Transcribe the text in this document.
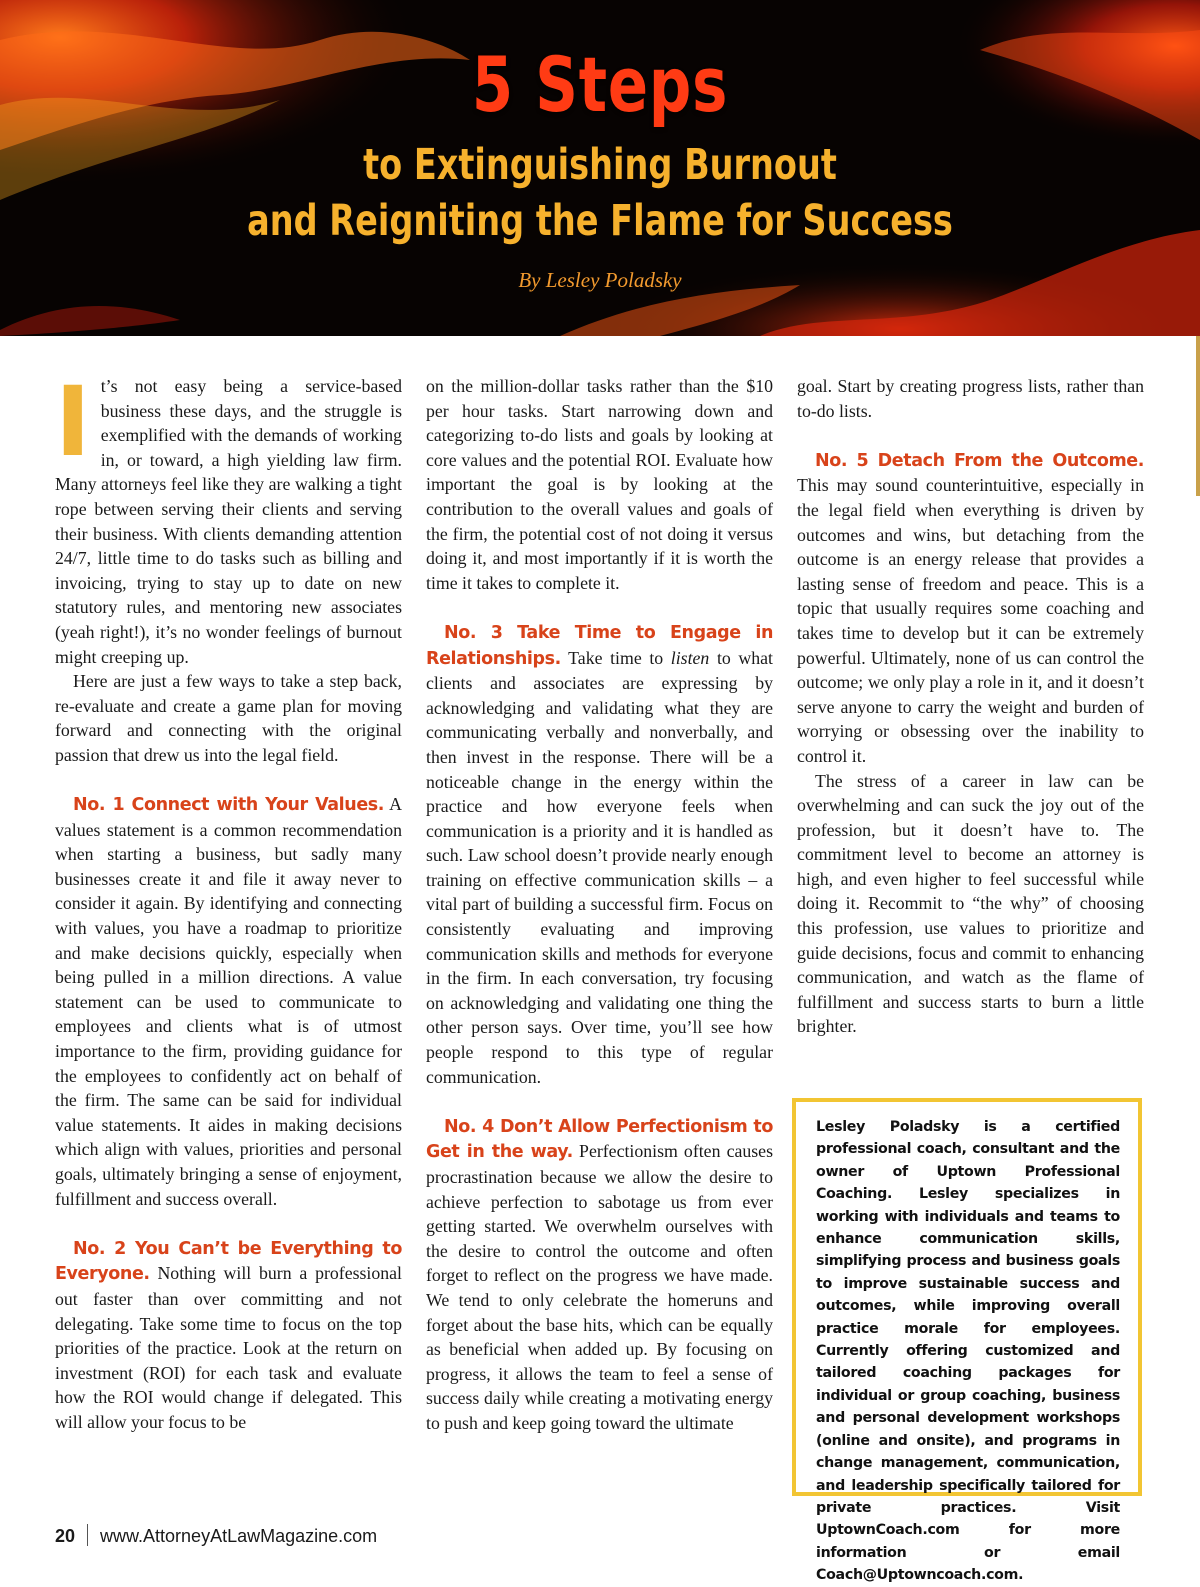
5 Steps
to Extinguishing Burnout
and Reigniting the Flame for Success
By Lesley Poladsky

It’s not easy being a service-based business these days, and the struggle is exemplified with the demands of working in, or toward, a high yielding law firm. Many attorneys feel like they are walking a tight rope between serving their clients and serving their business. With clients demanding attention 24/7, little time to do tasks such as billing and invoicing, trying to stay up to date on new statutory rules, and mentoring new associates (yeah right!), it’s no wonder feelings of burnout might creeping up.

Here are just a few ways to take a step back, re-evaluate and create a game plan for moving forward and connecting with the original passion that drew us into the legal field.

No. 1 Connect with Your Values. A values statement is a common recommendation when starting a business, but sadly many businesses create it and file it away never to consider it again. By identifying and connecting with values, you have a roadmap to prioritize and make decisions quickly, especially when being pulled in a million directions. A value statement can be used to communicate to employees and clients what is of utmost importance to the firm, providing guidance for the employees to confidently act on behalf of the firm. The same can be said for individual value statements. It aides in making decisions which align with values, priorities and personal goals, ultimately bringing a sense of enjoyment, fulfillment and success overall.

No. 2 You Can’t be Everything to Everyone. Nothing will burn a professional out faster than over committing and not delegating. Take some time to focus on the top priorities of the practice. Look at the return on investment (ROI) for each task and evaluate how the ROI would change if delegated. This will allow your focus to be

on the million-dollar tasks rather than the $10 per hour tasks. Start narrowing down and categorizing to-do lists and goals by looking at core values and the potential ROI. Evaluate how important the goal is by looking at the contribution to the overall values and goals of the firm, the potential cost of not doing it versus doing it, and most importantly if it is worth the time it takes to complete it.

No. 3 Take Time to Engage in Relationships. Take time to listen to what clients and associates are expressing by acknowledging and validating what they are communicating verbally and nonverbally, and then invest in the response. There will be a noticeable change in the energy within the practice and how everyone feels when communication is a priority and it is handled as such. Law school doesn’t provide nearly enough training on effective communication skills – a vital part of building a successful firm. Focus on consistently evaluating and improving communication skills and methods for everyone in the firm. In each conversation, try focusing on acknowledging and validating one thing the other person says. Over time, you’ll see how people respond to this type of regular communication.

No. 4 Don’t Allow Perfectionism to Get in the way. Perfectionism often causes procrastination because we allow the desire to achieve perfection to sabotage us from ever getting started. We overwhelm ourselves with the desire to control the outcome and often forget to reflect on the progress we have made. We tend to only celebrate the homeruns and forget about the base hits, which can be equally as beneficial when added up. By focusing on progress, it allows the team to feel a sense of success daily while creating a motivating energy to push and keep going toward the ultimate

goal. Start by creating progress lists, rather than to-do lists.

No. 5 Detach From the Outcome. This may sound counterintuitive, especially in the legal field when everything is driven by outcomes and wins, but detaching from the outcome is an energy release that provides a lasting sense of freedom and peace. This is a topic that usually requires some coaching and takes time to develop but it can be extremely powerful. Ultimately, none of us can control the outcome; we only play a role in it, and it doesn’t serve anyone to carry the weight and burden of worrying or obsessing over the inability to control it.

The stress of a career in law can be overwhelming and can suck the joy out of the profession, but it doesn’t have to. The commitment level to become an attorney is high, and even higher to feel successful while doing it. Recommit to “the why” of choosing this profession, use values to prioritize and guide decisions, focus and commit to enhancing communication, and watch as the flame of fulfillment and success starts to burn a little brighter.

Lesley Poladsky is a certified professional coach, consultant and the owner of Uptown Professional Coaching. Lesley specializes in working with individuals and teams to enhance communication skills, simplifying process and business goals to improve sustainable success and outcomes, while improving overall practice morale for employees. Currently offering customized and tailored coaching packages for individual or group coaching, business and personal development workshops (online and onsite), and programs in change management, communication, and leadership specifically tailored for private practices. Visit UptownCoach.com for more information or email Coach@Uptowncoach.com.
20 www.AttorneyAtLawMagazine.com
